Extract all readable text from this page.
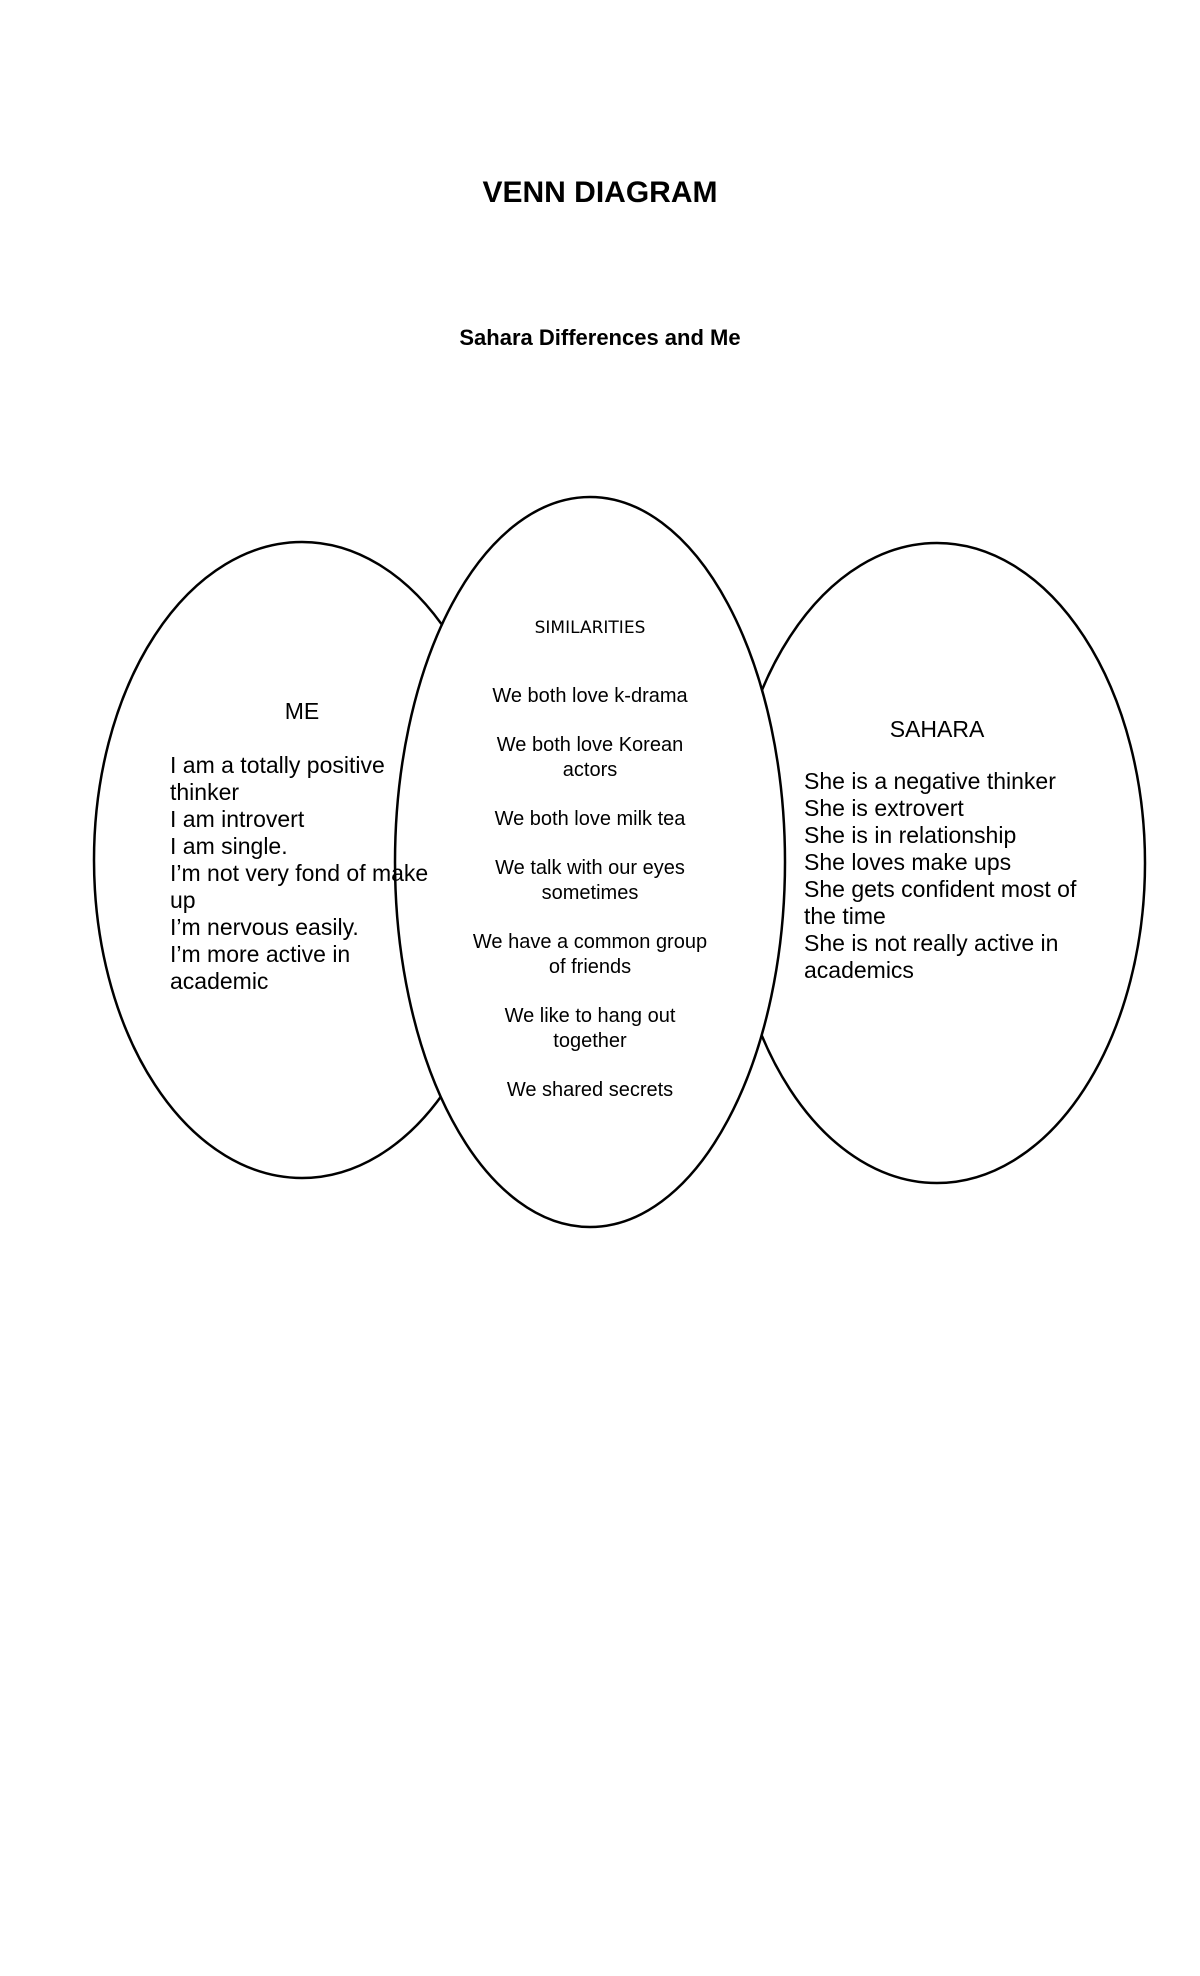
VENN DIAGRAM
Sahara Differences and Me
ME
I am a totally positive thinker
I am introvert
I am single.
I’m not very fond of make up
I’m nervous easily.
I’m more active in academic
SIMILARITIES
We both love k-drama
We both love Korean actors
We both love milk tea
We talk with our eyes sometimes
We have a common group of friends
We like to hang out together
We shared secrets
SAHARA
She is a negative thinker
She is extrovert
She is in relationship
She loves make ups
She gets confident most of the time
She is not really active in academics
